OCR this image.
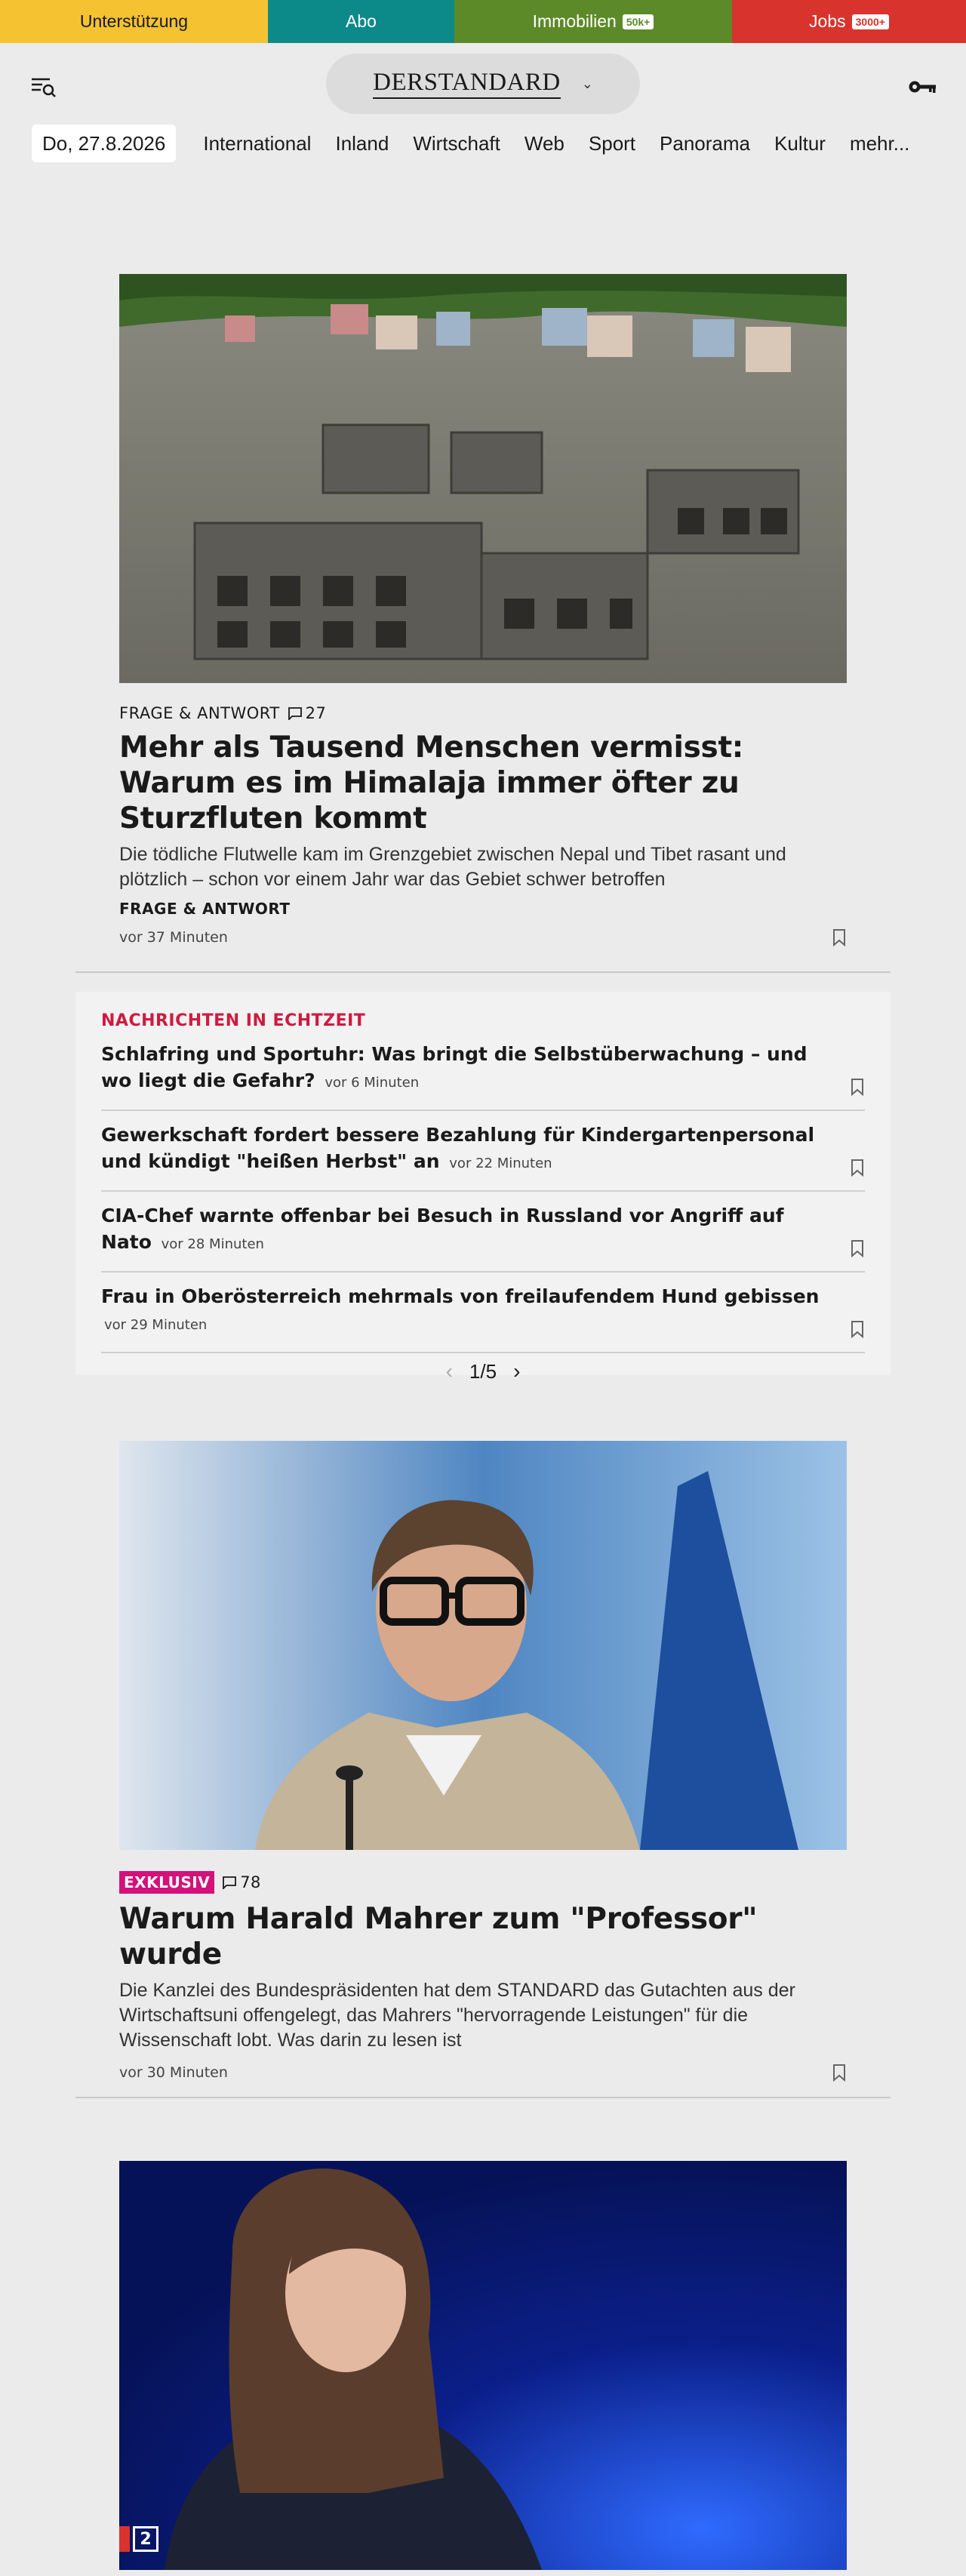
Unterstützung	Abo	Immobilien 50k+	Jobs 3000+
DERSTANDARD ⌄
Do, 27.8.2026	International Inland Wirtschaft Web Sport Panorama Kultur mehr...
FRAGE & ANTWORT 27
Mehr als Tausend Menschen vermisst: Warum es im Himalaja immer öfter zu Sturzfluten kommt
Die tödliche Flutwelle kam im Grenzgebiet zwischen Nepal und Tibet rasant und plötzlich – schon vor einem Jahr war das Gebiet schwer betroffen
FRAGE & ANTWORT
vor 37 Minuten
NACHRICHTEN IN ECHTZEIT
Schlafring und Sportuhr: Was bringt die Selbstüberwachung – und wo liegt die Gefahr? vor 6 Minuten
Gewerkschaft fordert bessere Bezahlung für Kindergartenpersonal und kündigt "heißen Herbst" an vor 22 Minuten
CIA-Chef warnte offenbar bei Besuch in Russland vor Angriff auf Nato vor 28 Minuten
Frau in Oberösterreich mehrmals von freilaufendem Hund gebissen vor 29 Minuten
‹ 1/5 ›
EXKLUSIV 78
Warum Harald Mahrer zum "Professor" wurde
Die Kanzlei des Bundespräsidenten hat dem STANDARD das Gutachten aus der Wirtschaftsuni offengelegt, das Mahrers "hervorragende Leistungen" für die Wissenschaft lobt. Was darin zu lesen ist
vor 30 Minuten
2
